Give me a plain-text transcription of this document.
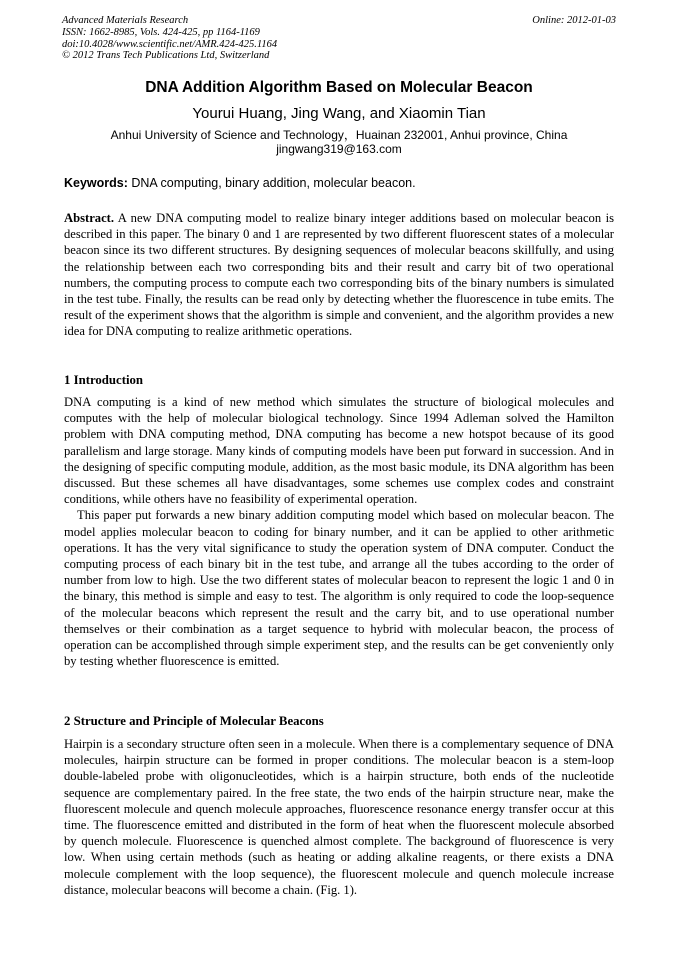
Advanced Materials Research
ISSN: 1662-8985, Vols. 424-425, pp 1164-1169
doi:10.4028/www.scientific.net/AMR.424-425.1164
© 2012 Trans Tech Publications Ltd, Switzerland
Online: 2012-01-03
DNA Addition Algorithm Based on Molecular Beacon
Yourui Huang, Jing Wang, and Xiaomin Tian
Anhui University of Science and Technology，Huainan 232001, Anhui province, China
jingwang319@163.com
Keywords: DNA computing, binary addition, molecular beacon.

Abstract. A new DNA computing model to realize binary integer additions based on molecular beacon is described in this paper. The binary 0 and 1 are represented by two different fluorescent states of a molecular beacon since its two different structures. By designing sequences of molecular beacons skillfully, and using the relationship between each two corresponding bits and their result and carry bit of two operational numbers, the computing process to compute each two corresponding bits of the binary numbers is simulated in the test tube. Finally, the results can be read only by detecting whether the fluorescence in tube emits. The result of the experiment shows that the algorithm is simple and convenient, and the algorithm provides a new idea for DNA computing to realize arithmetic operations.

1 Introduction

DNA computing is a kind of new method which simulates the structure of biological molecules and computes with the help of molecular biological technology. Since 1994 Adleman solved the Hamilton problem with DNA computing method, DNA computing has become a new hotspot because of its good parallelism and large storage. Many kinds of computing models have been put forward in succession. And in the designing of specific computing module, addition, as the most basic module, its DNA algorithm has been discussed. But these schemes all have disadvantages, some schemes use complex codes and constraint conditions, while others have no feasibility of experimental operation.

This paper put forwards a new binary addition computing model which based on molecular beacon. The model applies molecular beacon to coding for binary number, and it can be applied to other arithmetic operations. It has the very vital significance to study the operation system of DNA computer. Conduct the computing process of each binary bit in the test tube, and arrange all the tubes according to the order of number from low to high. Use the two different states of molecular beacon to represent the logic 1 and 0 in the binary, this method is simple and easy to test. The algorithm is only required to code the loop-sequence of the molecular beacons which represent the result and the carry bit, and to use operational number themselves or their combination as a target sequence to hybrid with molecular beacon, the process of operation can be accomplished through simple experiment step, and the results can be get conveniently only by testing whether fluorescence is emitted.

2 Structure and Principle of Molecular Beacons

Hairpin is a secondary structure often seen in a molecule. When there is a complementary sequence of DNA molecules, hairpin structure can be formed in proper conditions. The molecular beacon is a stem-loop double-labeled probe with oligonucleotides, which is a hairpin structure, both ends of the nucleotide sequence are complementary paired. In the free state, the two ends of the hairpin structure near, make the fluorescent molecule and quench molecule approaches, fluorescence resonance energy transfer occur at this time. The fluorescence emitted and distributed in the form of heat when the fluorescent molecule absorbed by quench molecule. Fluorescence is quenched almost complete. The background of fluorescence is very low. When using certain methods (such as heating or adding alkaline reagents, or there exists a DNA molecule complement with the loop sequence), the fluorescent molecule and quench molecule increase distance, molecular beacons will become a chain. (Fig. 1).
